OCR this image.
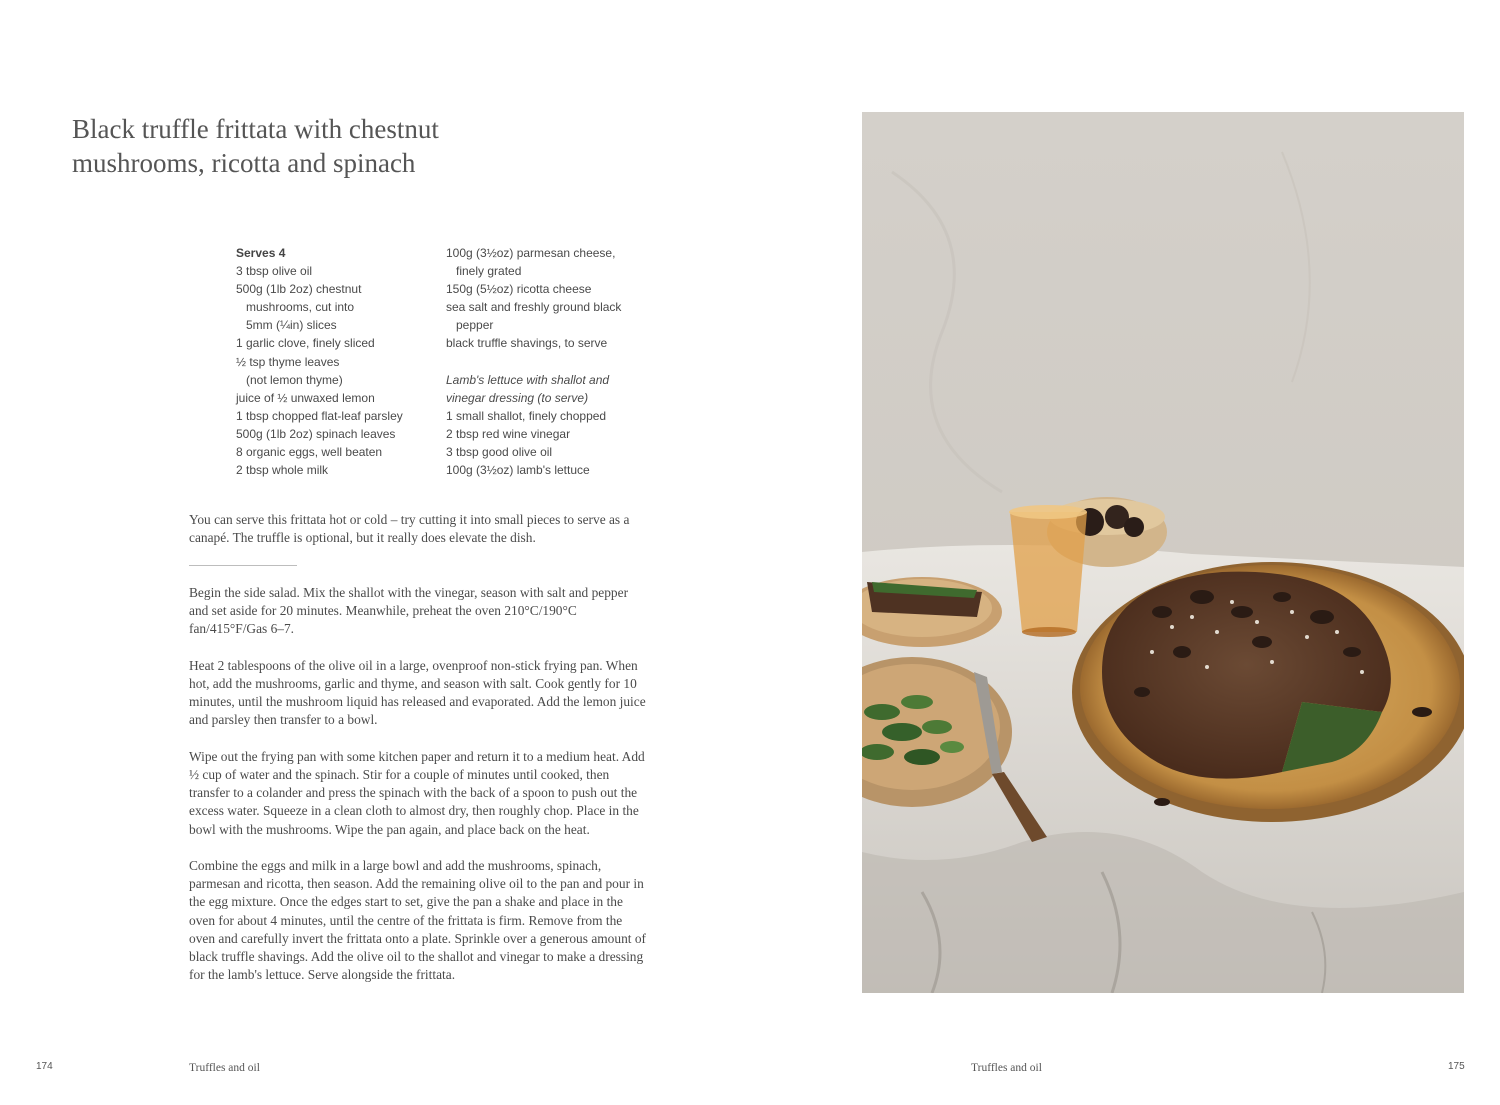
Black truffle frittata with chestnut
mushrooms, ricotta and spinach
Serves 4
3 tbsp olive oil
500g (1lb 2oz) chestnut
mushrooms, cut into
5mm (¼in) slices
1 garlic clove, finely sliced
½ tsp thyme leaves
(not lemon thyme)
juice of ½ unwaxed lemon
1 tbsp chopped flat-leaf parsley
500g (1lb 2oz) spinach leaves
8 organic eggs, well beaten
2 tbsp whole milk
100g (3½oz) parmesan cheese,
finely grated
150g (5½oz) ricotta cheese
sea salt and freshly ground black
pepper
black truffle shavings, to serve
Lamb's lettuce with shallot and
vinegar dressing (to serve)
1 small shallot, finely chopped
2 tbsp red wine vinegar
3 tbsp good olive oil
100g (3½oz) lamb's lettuce

You can serve this frittata hot or cold – try cutting it into small pieces to serve as a canapé. The truffle is optional, but it really does elevate the dish.

Begin the side salad. Mix the shallot with the vinegar, season with salt and pepper and set aside for 20 minutes. Meanwhile, preheat the oven 210°C/190°C fan/415°F/Gas 6–7.

Heat 2 tablespoons of the olive oil in a large, ovenproof non-stick frying pan. When hot, add the mushrooms, garlic and thyme, and season with salt. Cook gently for 10 minutes, until the mushroom liquid has released and evaporated. Add the lemon juice and parsley then transfer to a bowl.

Wipe out the frying pan with some kitchen paper and return it to a medium heat. Add ½ cup of water and the spinach. Stir for a couple of minutes until cooked, then transfer to a colander and press the spinach with the back of a spoon to push out the excess water. Squeeze in a clean cloth to almost dry, then roughly chop. Place in the bowl with the mushrooms. Wipe the pan again, and place back on the heat.

Combine the eggs and milk in a large bowl and add the mushrooms, spinach, parmesan and ricotta, then season. Add the remaining olive oil to the pan and pour in the egg mixture. Once the edges start to set, give the pan a shake and place in the oven for about 4 minutes, until the centre of the frittata is firm. Remove from the oven and carefully invert the frittata onto a plate. Sprinkle over a generous amount of black truffle shavings. Add the olive oil to the shallot and vinegar to make a dressing for the lamb's lettuce. Serve alongside the frittata.

174	Truffles and oil	Truffles and oil	175
